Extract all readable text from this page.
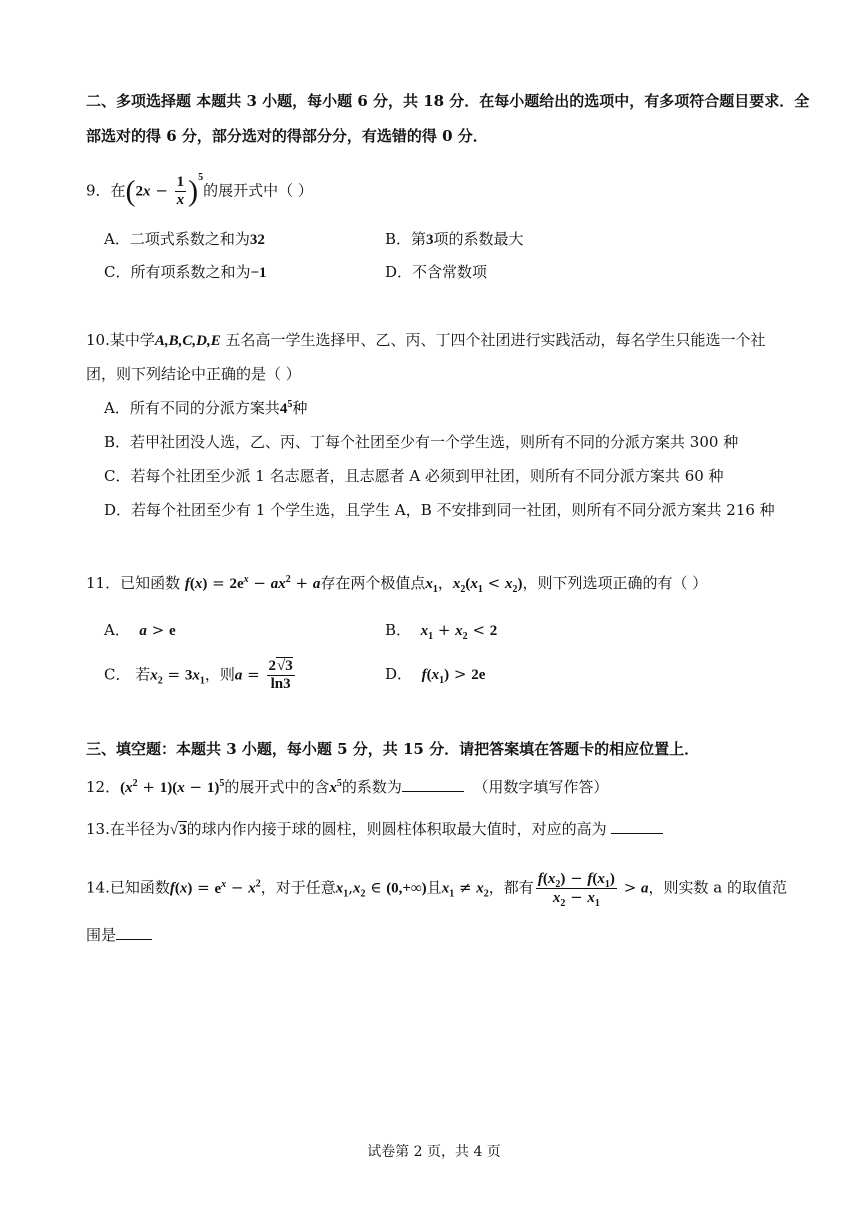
二、多项选择题 本题共 3 小题，每小题 6 分，共 18 分．在每小题给出的选项中，有多项符合题目要求．全
部选对的得 6 分，部分选对的得部分分，有选错的得 0 分．
9．在$(2x - \frac{1}{x} )^5$的展开式中（ ）
A．二项式系数之和为32	B．第3项的系数最大
C．所有项系数之和为−1	D．不含常数项
10.某中学A,B,C,D,E 五名高一学生选择甲、乙、丙、丁四个社团进行实践活动，每名学生只能选一个社
团，则下列结论中正确的是（ ）
A．所有不同的分派方案共$4^5$种
B．若甲社团没人选，乙、丙、丁每个社团至少有一个学生选，则所有不同的分派方案共 300 种
C．若每个社团至少派 1 名志愿者，且志愿者 A 必须到甲社团，则所有不同分派方案共 60 种
D．若每个社团至少有 1 个学生选，且学生 A，B 不安排到同一社团，则所有不同分派方案共 216 种
11．已知函数 $f(x) = 2e^x - ax^2 + a$存在两个极值点$x_1$，$x_2(x_1 < x_2)$，则下列选项正确的有（ ）
A．  a > e	B．  $x_1 + x_2 < 2$
C． 若$x_2 = 3x_1$，则$a = \frac{2√3}{\ln 3}$	D．  $f(x_1) > 2e$
三、填空题：本题共 3 小题，每小题 5 分，共 15 分．请把答案填在答题卡的相应位置上．
12．$(x^2 + 1)(x - 1)^5$的展开式中的含$x^5$的系数为	（用数字填写作答）
13.在半径为√3的球内作内接于球的圆柱，则圆柱体积取最大值时，对应的高为
14.已知函数$f(x) = e^x - x^2$，对于任意$x_1,x_2$ ∈ (0,+∞)且$x_1 \ne x_2$，都有 $\frac{f(x_2) - f(x_1)}{x_2 - x_1} > a$，则实数 a 的取值范
围是
试卷第 2 页，共 4 页
